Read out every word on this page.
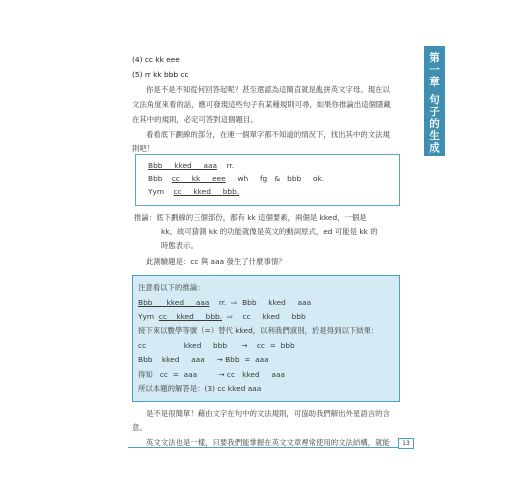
第
一
章
句
子
的
生
成
(4) cc kk eee
(5) rr kk bbb cc
你是不是不知從何回答起呢？甚至還認為這簡直就是亂拼英文字母。現在以
文法角度來看的話，應可發現這些句子有某種規則可尋，如果你推論出這個隱藏
在其中的規則，必定可答對這個題目。
看看底下劃線的部分，在連一個單字都不知道的情況下，找出其中的文法規
則吧！
Bbb kked aaa rr.
Bbb cc kk eee wh fg & bbb ok.
Yym cc kked bbb.
推論：底下劃線的三個部份，都有 kk 這個要素，兩個是 kked，一個是
kk。故可猜測 kk 的功能就像是英文的動詞原式，ed 可能是 kk 的
時態表示。
此測驗題是：cc 與 aaa 發生了什麼事情？
注意看以下的推論：
Bbb kked aaa rr. ⇨ Bbb kked aaa
Yym cc kked bbb. ⇨ cc kked bbb
接下來以數學等號（=）替代 kked，以利我們演別，於是得到以下結果：
cc	kked bbb → cc = bbb
Bbb kked aaa → Bbb = aaa
得知 cc = aaa	→ cc kked aaa
所以本題的解答是：(3) cc kked aaa
是不是很簡單！藉由文字在句中的文法規則，可協助我們解出外星語言的含
意。
英文文法也是一樣，只要我們能掌握在英文文章裡常使用的文法結構，就能	13
